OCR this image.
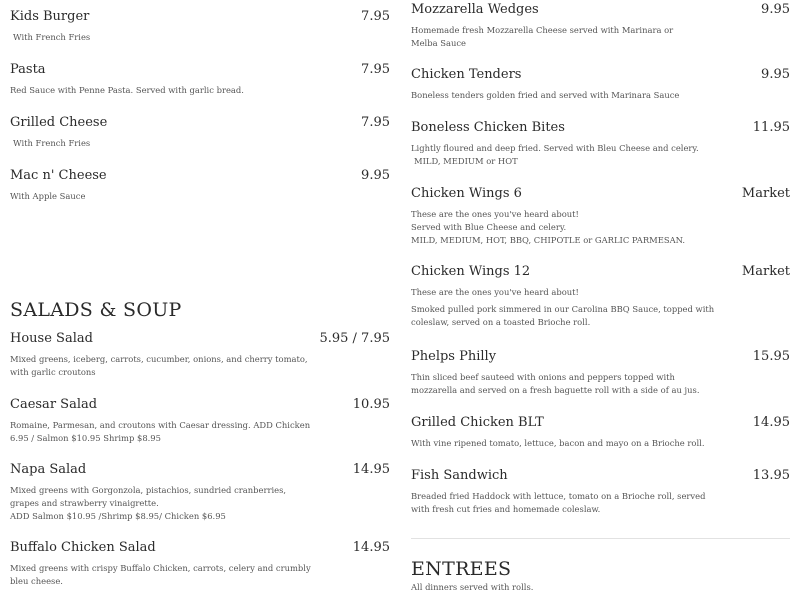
Kids Burger	7.95
With French Fries
Pasta	7.95
Red Sauce with Penne Pasta. Served with garlic bread.
Grilled Cheese	7.95
With French Fries
Mac n' Cheese	9.95
With Apple Sauce
SALADS & SOUP
House Salad	5.95 / 7.95
Mixed greens, iceberg, carrots, cucumber, onions, and cherry tomato,
with garlic croutons
Caesar Salad	10.95
Romaine, Parmesan, and croutons with Caesar dressing. ADD Chicken
6.95 / Salmon $10.95 Shrimp $8.95
Napa Salad	14.95
Mixed greens with Gorgonzola, pistachios, sundried cranberries,
grapes and strawberry vinaigrette.
ADD Salmon $10.95 /Shrimp $8.95/ Chicken $6.95
Buffalo Chicken Salad	14.95
Mixed greens with crispy Buffalo Chicken, carrots, celery and crumbly
bleu cheese.
Mozzarella Wedges	9.95
Homemade fresh Mozzarella Cheese served with Marinara or
Melba Sauce
Chicken Tenders	9.95
Boneless tenders golden fried and served with Marinara Sauce
Boneless Chicken Bites	11.95
Lightly floured and deep fried. Served with Bleu Cheese and celery.
MILD, MEDIUM or HOT
Chicken Wings 6	Market
These are the ones you've heard about!
Served with Blue Cheese and celery.
MILD, MEDIUM, HOT, BBQ, CHIPOTLE or GARLIC PARMESAN.
Chicken Wings 12	Market
These are the ones you've heard about!
Smoked pulled pork simmered in our Carolina BBQ Sauce, topped with
coleslaw, served on a toasted Brioche roll.
Phelps Philly	15.95
Thin sliced beef sauteed with onions and peppers topped with
mozzarella and served on a fresh baguette roll with a side of au jus.
Grilled Chicken BLT	14.95
With vine ripened tomato, lettuce, bacon and mayo on a Brioche roll.
Fish Sandwich	13.95
Breaded fried Haddock with lettuce, tomato on a Brioche roll, served
with fresh cut fries and homemade coleslaw.
ENTREES
All dinners served with rolls.
